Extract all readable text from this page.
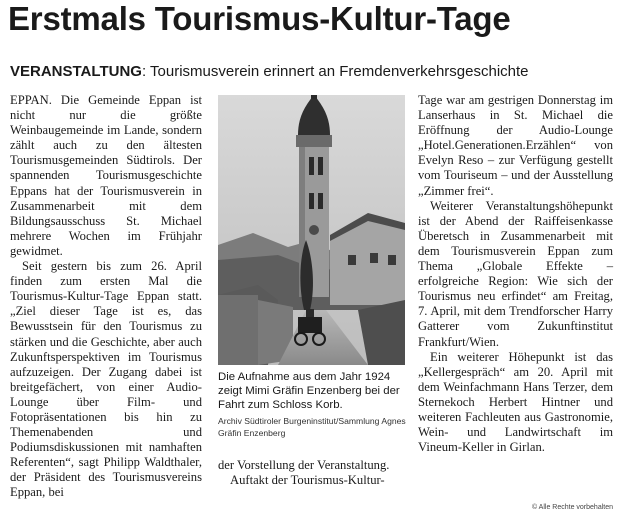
Erstmals Tourismus-Kultur-Tage
VERANSTALTUNG: Tourismusverein erinnert an Fremdenverkehrsgeschichte

EPPAN. Die Gemeinde Eppan ist nicht nur die größte Weinbaugemeinde im Lande, sondern zählt auch zu den ältesten Tourismusgemeinden Südtirols. Der spannenden Tourismusgeschichte Eppans hat der Tourismusverein in Zusammenarbeit mit dem Bildungsausschuss St. Michael mehrere Wochen im Frühjahr gewidmet.

Seit gestern bis zum 26. April finden zum ersten Mal die Tourismus-Kultur-Tage Eppan statt. „Ziel dieser Tage ist es, das Bewusstsein für den Tourismus zu stärken und die Geschichte, aber auch Zukunftsperspektiven im Tourismus aufzuzeigen. Der Zugang dabei ist breitgefächert, von einer Audio-Lounge über Film- und Fotopräsentationen bis hin zu Themenabenden und Podiumsdiskussionen mit namhaften Referenten“, sagt Philipp Waldthaler, der Präsident des Tourismusvereins Eppan, bei

Die Aufnahme aus dem Jahr 1924 zeigt Mimi Gräfin Enzenberg bei der Fahrt zum Schloss Korb.
Archiv Südtiroler Burgeninstitut/Sammlung Agnes Gräfin Enzenberg

der Vorstellung der Veranstaltung.

Auftakt der Tourismus-Kultur-

Tage war am gestrigen Donnerstag im Lanserhaus in St. Michael die Eröffnung der Audio-Lounge „Hotel.Generationen.Erzählen“ von Evelyn Reso – zur Verfügung gestellt vom Touriseum – und der Ausstellung „Zimmer frei“.

Weiterer Veranstaltungshöhepunkt ist der Abend der Raiffeisenkasse Überetsch in Zusammenarbeit mit dem Tourismusverein Eppan zum Thema „Globale Effekte – erfolgreiche Region: Wie sich der Tourismus neu erfindet“ am Freitag, 7. April, mit dem Trendforscher Harry Gatterer vom Zukunftinstitut Frankfurt/Wien.

Ein weiterer Höhepunkt ist das „Kellergespräch“ am 20. April mit dem Weinfachmann Hans Terzer, dem Sternekoch Herbert Hintner und weiteren Fachleuten aus Gastronomie, Wein- und Landwirtschaft im Vineum-Keller in Girlan.

© Alle Rechte vorbehalten
